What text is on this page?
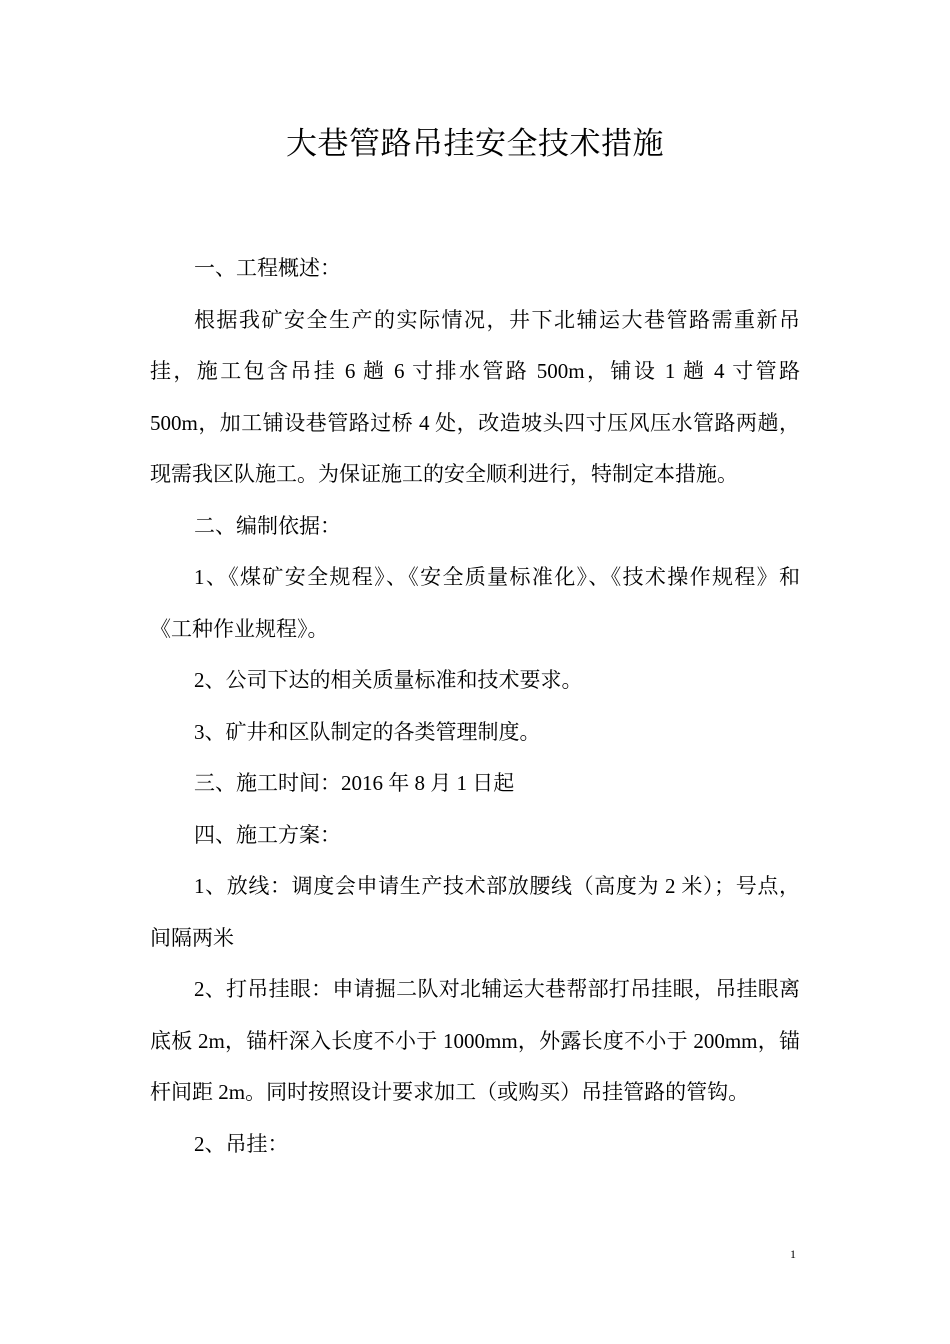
大巷管路吊挂安全技术措施

一、工程概述：

根据我矿安全生产的实际情况，井下北辅运大巷管路需重新吊挂，施工包含吊挂 6 趟 6 寸排水管路 500m，铺设 1 趟 4 寸管路 500m，加工铺设巷管路过桥 4 处，改造坡头四寸压风压水管路两趟，现需我区队施工。为保证施工的安全顺利进行，特制定本措施。

二、编制依据：

1、《煤矿安全规程》、《安全质量标准化》、《技术操作规程》和《工种作业规程》。

2、公司下达的相关质量标准和技术要求。

3、矿井和区队制定的各类管理制度。

三、施工时间：2016 年 8 月 1 日起

四、施工方案：

1、放线：调度会申请生产技术部放腰线（高度为 2 米）；号点，间隔两米

2、打吊挂眼：申请掘二队对北辅运大巷帮部打吊挂眼，吊挂眼离底板 2m，锚杆深入长度不小于 1000mm，外露长度不小于 200mm，锚杆间距 2m。同时按照设计要求加工（或购买）吊挂管路的管钩。

2、吊挂：

1
